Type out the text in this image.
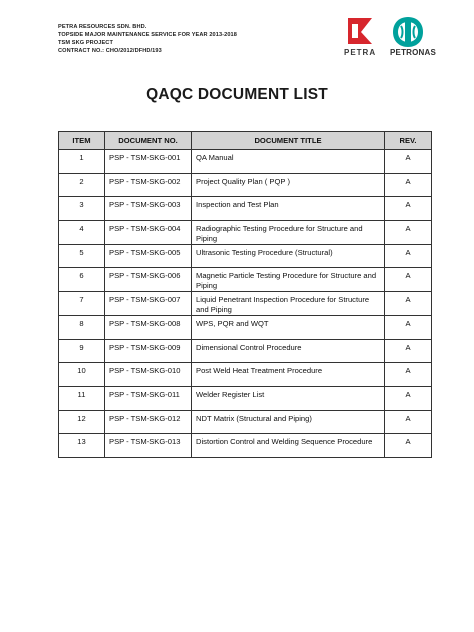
PETRA RESOURCES SDN. BHD.
TOPSIDE MAJOR MAINTENANCE SERVICE FOR YEAR 2013-2018
TSM SKG PROJECT
CONTRACT NO.: CHO/2012/DFHD/193	PETRA PETRONAS
QAQC DOCUMENT LIST
ITEM	DOCUMENT NO.	DOCUMENT TITLE	REV.
1	PSP - TSM-SKG-001	QA Manual	A
2	PSP - TSM-SKG-002	Project Quality Plan ( PQP )	A
3	PSP - TSM-SKG-003	Inspection and Test Plan	A
4	PSP - TSM-SKG-004	Radiographic Testing Procedure for Structure and Piping	A
5	PSP - TSM-SKG-005	Ultrasonic Testing Procedure (Structural)	A
6	PSP - TSM-SKG-006	Magnetic Particle Testing Procedure for Structure and Piping	A
7	PSP - TSM-SKG-007	Liquid Penetrant Inspection Procedure for Structure and Piping	A
8	PSP - TSM-SKG-008	WPS, PQR and WQT	A
9	PSP - TSM-SKG-009	Dimensional Control Procedure	A
10	PSP - TSM-SKG-010	Post Weld Heat Treatment Procedure	A
11	PSP - TSM-SKG-011	Welder Register List	A
12	PSP - TSM-SKG-012	NDT Matrix (Structural and Piping)	A
13	PSP - TSM-SKG-013	Distortion Control and Welding Sequence Procedure	A
